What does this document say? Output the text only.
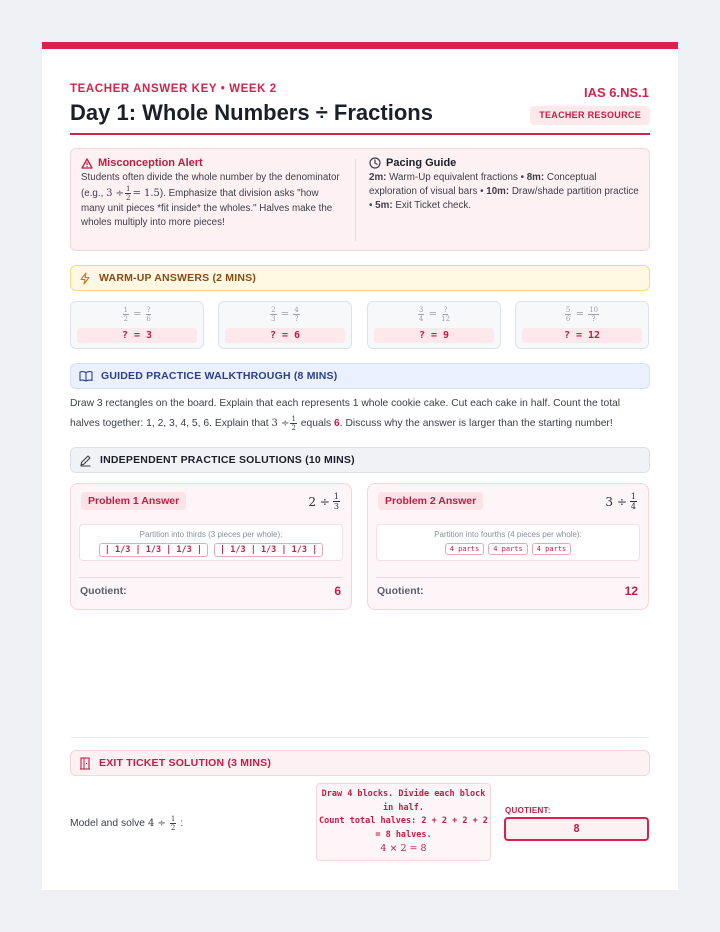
TEACHER ANSWER KEY • WEEK 2
Day 1: Whole Numbers ÷ Fractions
IAS 6.NS.1
TEACHER RESOURCE
Misconception Alert
Students often divide the whole number by the denominator (e.g., $3 \div \frac{1}{2} = 1.5$). Emphasize that division asks "how many unit pieces *fit inside* the wholes." Halves make the wholes multiply into more pieces!
Pacing Guide
2m: Warm-Up equivalent fractions • 8m: Conceptual exploration of visual bars • 10m: Draw/shade partition practice • 5m: Exit Ticket check.
WARM-UP ANSWERS (2 MINS)
$\frac{1}{2} = \frac{?}{6}$
? = 3
$\frac{2}{3} = \frac{4}{?}$
? = 6
$\frac{3}{4} = \frac{?}{12}$
? = 9
$\frac{5}{6} = \frac{10}{?}$
? = 12
GUIDED PRACTICE WALKTHROUGH (8 MINS)
Draw 3 rectangles on the board. Explain that each represents 1 whole cookie cake. Cut each cake in half. Count the total halves together: 1, 2, 3, 4, 5, 6. Explain that $3 \div \frac{1}{2}$ equals 6. Discuss why the answer is larger than the starting number!
INDEPENDENT PRACTICE SOLUTIONS (10 MINS)
Problem 1 Answer	$2 \div \frac{1}{3}$
Partition into thirds (3 pieces per whole):
| 1/3 | 1/3 | 1/3 |	| 1/3 | 1/3 | 1/3 |
Quotient:	6
Problem 2 Answer	$3 \div \frac{1}{4}$
Partition into fourths (4 pieces per whole):
4 parts	4 parts	4 parts
Quotient:	12
EXIT TICKET SOLUTION (3 MINS)
Model and solve $4 \div \frac{1}{2}$ :
Draw 4 blocks. Divide each block in half.
Count total halves: 2 + 2 + 2 + 2 = 8 halves.
4 × 2 = 8
QUOTIENT:
8
